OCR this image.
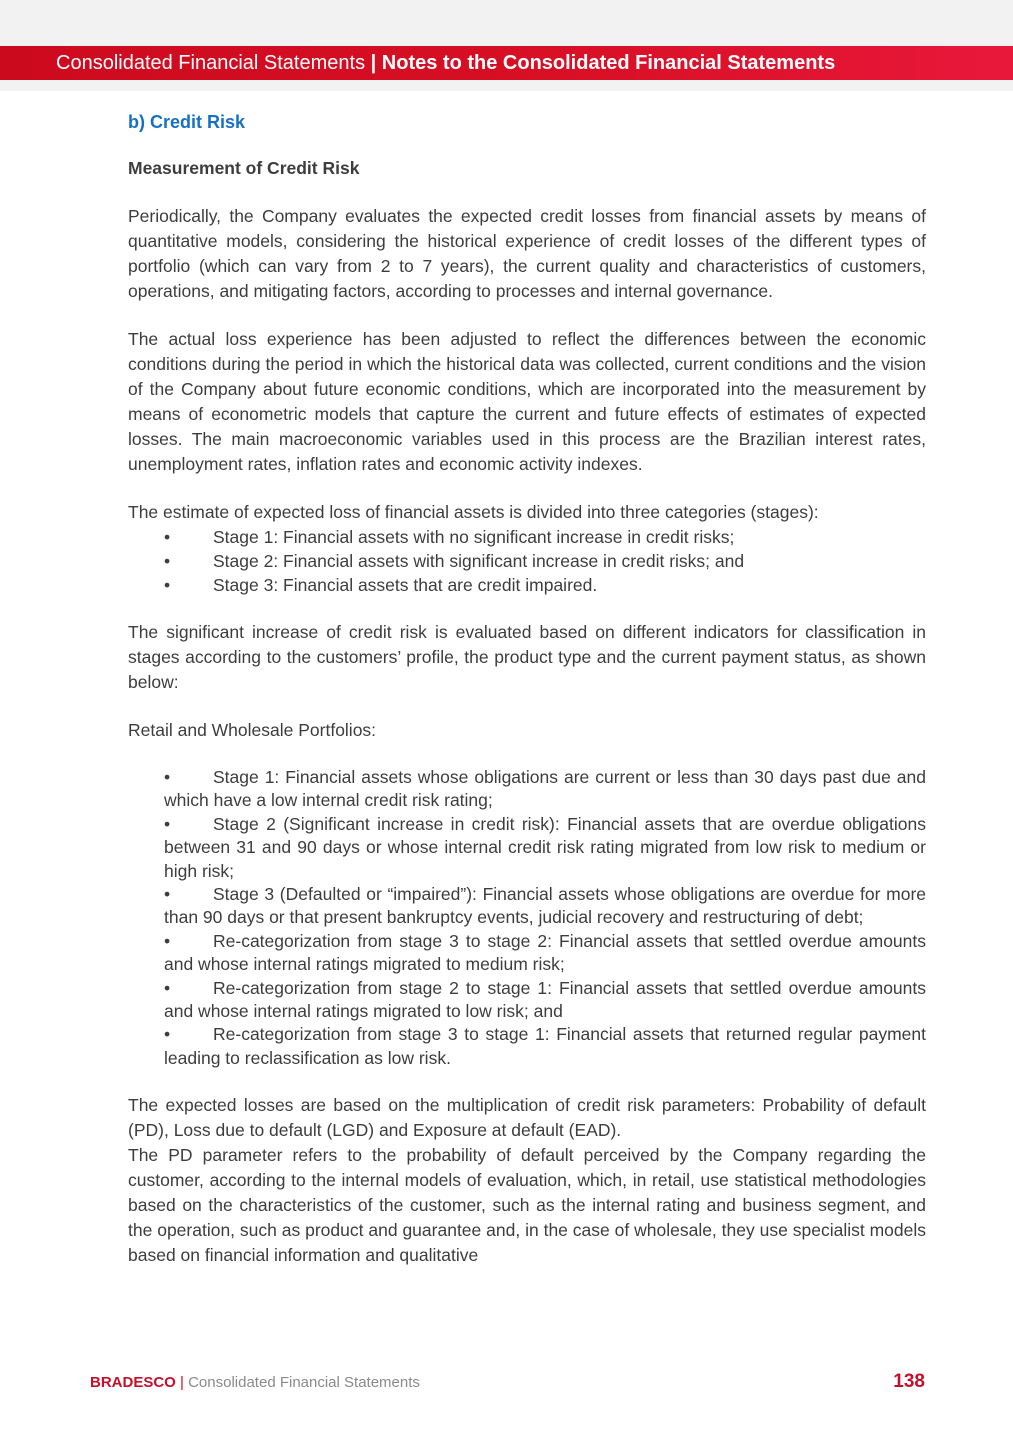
Consolidated Financial Statements | Notes to the Consolidated Financial Statements

b) Credit Risk

Measurement of Credit Risk

Periodically, the Company evaluates the expected credit losses from financial assets by means of quantitative models, considering the historical experience of credit losses of the different types of portfolio (which can vary from 2 to 7 years), the current quality and characteristics of customers, operations, and mitigating factors, according to processes and internal governance.

The actual loss experience has been adjusted to reflect the differences between the economic conditions during the period in which the historical data was collected, current conditions and the vision of the Company about future economic conditions, which are incorporated into the measurement by means of econometric models that capture the current and future effects of estimates of expected losses. The main macroeconomic variables used in this process are the Brazilian interest rates, unemployment rates, inflation rates and economic activity indexes.

The estimate of expected loss of financial assets is divided into three categories (stages):

• Stage 1: Financial assets with no significant increase in credit risks;
• Stage 2: Financial assets with significant increase in credit risks; and
• Stage 3: Financial assets that are credit impaired.

The significant increase of credit risk is evaluated based on different indicators for classification in stages according to the customers’ profile, the product type and the current payment status, as shown below:

Retail and Wholesale Portfolios:

• Stage 1: Financial assets whose obligations are current or less than 30 days past due and which have a low internal credit risk rating;
• Stage 2 (Significant increase in credit risk): Financial assets that are overdue obligations between 31 and 90 days or whose internal credit risk rating migrated from low risk to medium or high risk;
• Stage 3 (Defaulted or “impaired”): Financial assets whose obligations are overdue for more than 90 days or that present bankruptcy events, judicial recovery and restructuring of debt;
• Re-categorization from stage 3 to stage 2: Financial assets that settled overdue amounts and whose internal ratings migrated to medium risk;
• Re-categorization from stage 2 to stage 1: Financial assets that settled overdue amounts and whose internal ratings migrated to low risk; and
• Re-categorization from stage 3 to stage 1: Financial assets that returned regular payment leading to reclassification as low risk.

The expected losses are based on the multiplication of credit risk parameters: Probability of default (PD), Loss due to default (LGD) and Exposure at default (EAD).

The PD parameter refers to the probability of default perceived by the Company regarding the customer, according to the internal models of evaluation, which, in retail, use statistical methodologies based on the characteristics of the customer, such as the internal rating and business segment, and the operation, such as product and guarantee and, in the case of wholesale, they use specialist models based on financial information and qualitative

BRADESCO | Consolidated Financial Statements	138
